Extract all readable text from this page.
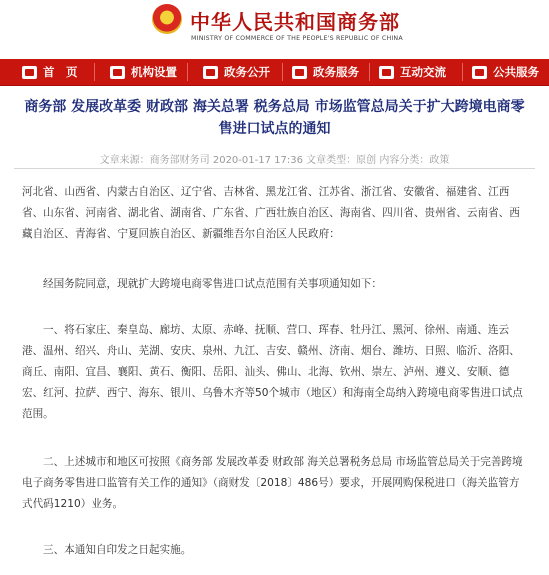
中华人民共和国商务部
MINISTRY OF COMMERCE OF THE PEOPLE'S REPUBLIC OF CHINA
首　页	机构设置	政务公开	政务服务	互动交流	公共服务
商务部 发展改革委 财政部 海关总署 税务总局 市场监管总局关于扩大跨境电商零售进口试点的通知
文章来源：商务部财务司 2020-01-17 17:36 文章类型：原创 内容分类：政策
河北省、山西省、内蒙古自治区、辽宁省、吉林省、黑龙江省、江苏省、浙江省、安徽省、福建省、江西省、山东省、河南省、湖北省、湖南省、广东省、广西壮族自治区、海南省、四川省、贵州省、云南省、西藏自治区、青海省、宁夏回族自治区、新疆维吾尔自治区人民政府：
经国务院同意，现就扩大跨境电商零售进口试点范围有关事项通知如下：
一、将石家庄、秦皇岛、廊坊、太原、赤峰、抚顺、营口、珲春、牡丹江、黑河、徐州、南通、连云港、温州、绍兴、舟山、芜湖、安庆、泉州、九江、吉安、赣州、济南、烟台、潍坊、日照、临沂、洛阳、商丘、南阳、宜昌、襄阳、黄石、衡阳、岳阳、汕头、佛山、北海、钦州、崇左、泸州、遵义、安顺、德宏、红河、拉萨、西宁、海东、银川、乌鲁木齐等50个城市（地区）和海南全岛纳入跨境电商零售进口试点范围。
二、上述城市和地区可按照《商务部 发展改革委 财政部 海关总署税务总局 市场监管总局关于完善跨境电子商务零售进口监管有关工作的通知》（商财发〔2018〕486号）要求，开展网购保税进口（海关监管方式代码1210）业务。
三、本通知自印发之日起实施。
